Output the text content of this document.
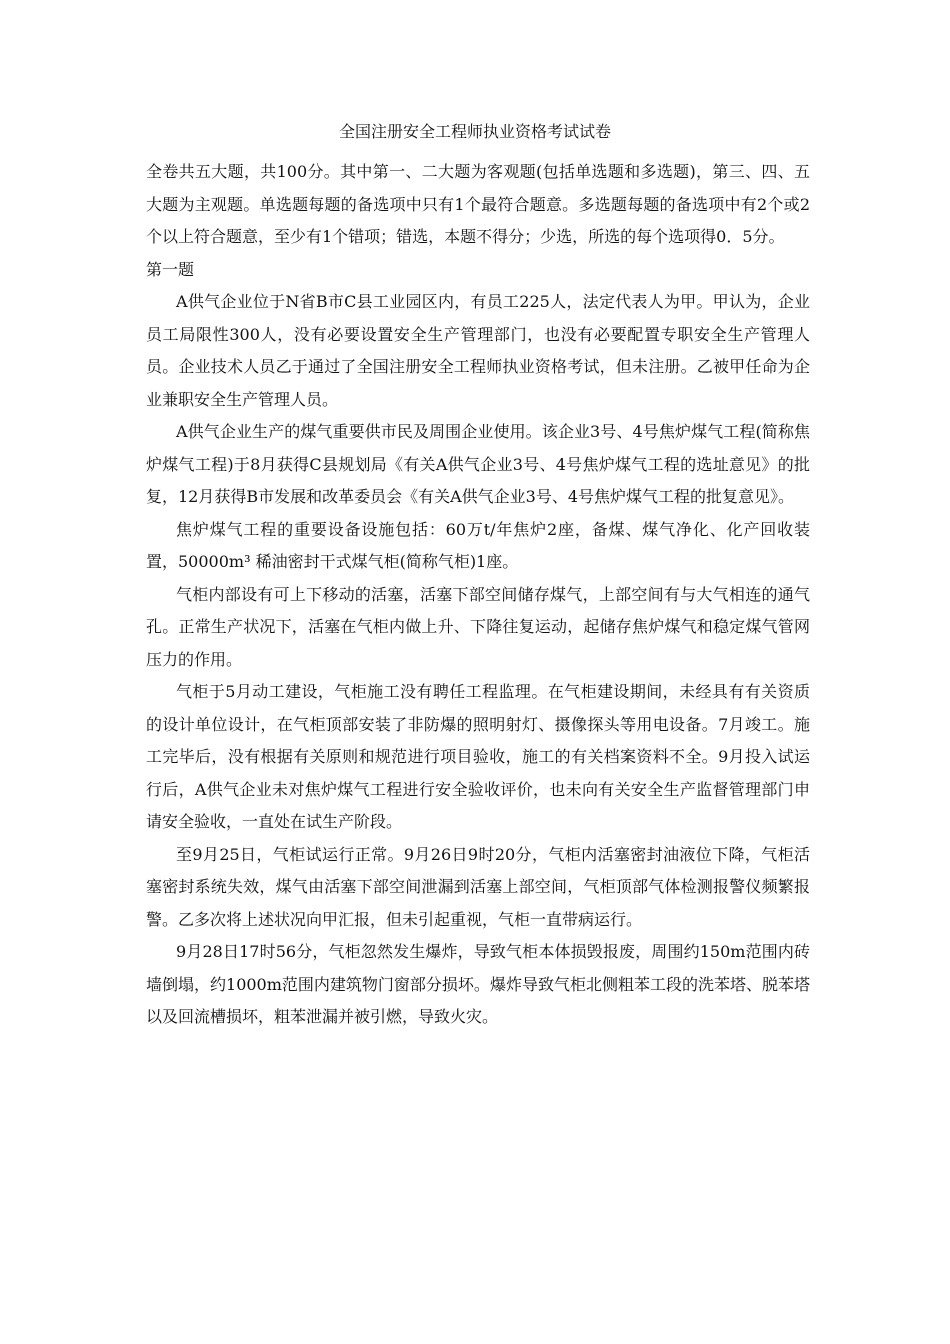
全国注册安全工程师执业资格考试试卷

全卷共五大题，共100分。其中第一、二大题为客观题(包括单选题和多选题)，第三、四、五大题为主观题。单选题每题的备选项中只有1个最符合题意。多选题每题的备选项中有2个或2个以上符合题意，至少有1个错项；错选，本题不得分；少选，所选的每个选项得0．5分。

第一题

A供气企业位于N省B市C县工业园区内，有员工225人，法定代表人为甲。甲认为，企业员工局限性300人，没有必要设置安全生产管理部门，也没有必要配置专职安全生产管理人员。企业技术人员乙于通过了全国注册安全工程师执业资格考试，但未注册。乙被甲任命为企业兼职安全生产管理人员。

A供气企业生产的煤气重要供市民及周围企业使用。该企业3号、4号焦炉煤气工程(简称焦炉煤气工程)于8月获得C县规划局《有关A供气企业3号、4号焦炉煤气工程的选址意见》的批复，12月获得B市发展和改革委员会《有关A供气企业3号、4号焦炉煤气工程的批复意见》。

焦炉煤气工程的重要设备设施包括：60万t/年焦炉2座，备煤、煤气净化、化产回收装置，50000m³ 稀油密封干式煤气柜(简称气柜)1座。

气柜内部设有可上下移动的活塞，活塞下部空间储存煤气，上部空间有与大气相连的通气孔。正常生产状况下，活塞在气柜内做上升、下降往复运动，起储存焦炉煤气和稳定煤气管网压力的作用。

气柜于5月动工建设，气柜施工没有聘任工程监理。在气柜建设期间，未经具有有关资质的设计单位设计，在气柜顶部安装了非防爆的照明射灯、摄像探头等用电设备。7月竣工。施工完毕后，没有根据有关原则和规范进行项目验收，施工的有关档案资料不全。9月投入试运行后，A供气企业未对焦炉煤气工程进行安全验收评价，也未向有关安全生产监督管理部门申请安全验收，一直处在试生产阶段。

至9月25日，气柜试运行正常。9月26日9时20分，气柜内活塞密封油液位下降，气柜活塞密封系统失效，煤气由活塞下部空间泄漏到活塞上部空间，气柜顶部气体检测报警仪频繁报警。乙多次将上述状况向甲汇报，但未引起重视，气柜一直带病运行。

9月28日17时56分，气柜忽然发生爆炸，导致气柜本体损毁报废，周围约150m范围内砖墙倒塌，约1000m范围内建筑物门窗部分损坏。爆炸导致气柜北侧粗苯工段的洗苯塔、脱苯塔以及回流槽损坏，粗苯泄漏并被引燃，导致火灾。
